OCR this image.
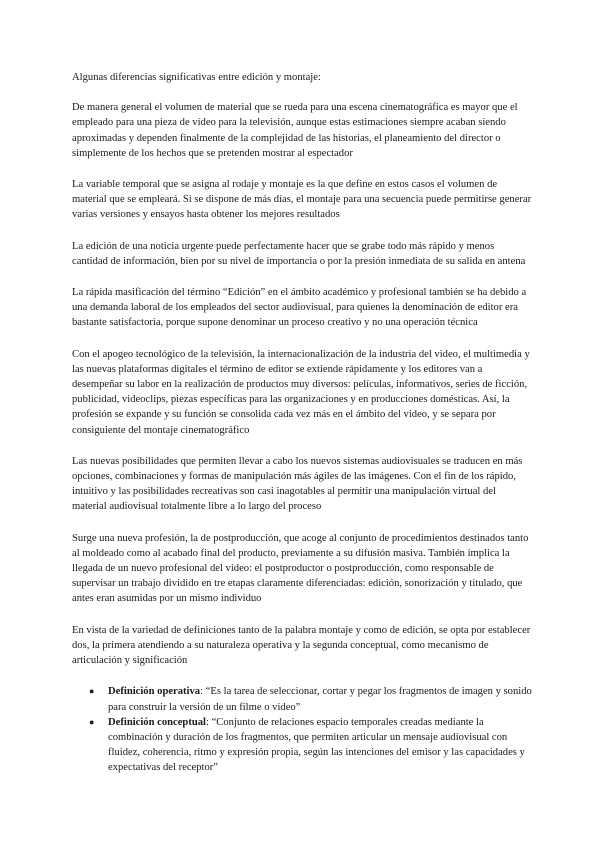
Algunas diferencias significativas entre edición y montaje:

De manera general el volumen de material que se rueda para una escena cinematográfica es mayor que el empleado para una pieza de vídeo para la televisión, aunque estas estimaciones siempre acaban siendo aproximadas y dependen finalmente de la complejidad de las historias, el planeamiento del director o simplemente de los hechos que se pretenden mostrar al espectador

La variable temporal que se asigna al rodaje y montaje es la que define en estos casos el volumen de material que se empleará. Si se dispone de más días, el montaje para una secuencia puede permitirse generar varias versiones y ensayos hasta obtener los mejores resultados

La edición de una noticia urgente puede perfectamente hacer que se grabe todo más rápido y menos cantidad de información, bien por su nivel de importancia o por la presión inmediata de su salida en antena

La rápida masificación del término “Edición” en el ámbito académico y profesional también se ha debido a una demanda laboral de los empleados del sector audiovisual, para quienes la denominación de editor era bastante satisfactoria, porque supone denominar un proceso creativo y no una operación técnica

Con el apogeo tecnológico de la televisión, la internacionalización de la industria del video, el multimedia y las nuevas plataformas digitales el término de editor se extiende rápidamente y los editores van a desempeñar su labor en la realización de productos muy diversos: películas, informativos, series de ficción, publicidad, videoclips, piezas específicas para las organizaciones y en producciones domésticas. Así, la profesión se expande y su función se consolida cada vez más en el ámbito del video, y se separa por consiguiente del montaje cinematográfico

Las nuevas posibilidades que permiten llevar a cabo los nuevos sistemas audiovisuales se traducen en más opciones, combinaciones y formas de manipulación más ágiles de las imágenes. Con el fin de los rápido, intuitivo y las posibilidades recreativas son casi inagotables al permitir una manipulación virtual del material audiovisual totalmente libre a lo largo del proceso

Surge una nueva profesión, la de postproducción, que acoge al conjunto de procedimientos destinados tanto al moldeado como al acabado final del producto, previamente a su difusión masiva. También implica la llegada de un nuevo profesional del video: el postproductor o postproducción, como responsable de supervisar un trabajo dividido en tre etapas claramente diferenciadas: edición, sonorización y titulado, que antes eran asumidas por un mismo individuo

En vista de la variedad de definiciones tanto de la palabra montaje y como de edición, se opta por establecer dos, la primera atendiendo a su naturaleza operativa y la segunda conceptual, como mecanismo de articulación y significación

● Definición operativa: “Es la tarea de seleccionar, cortar y pegar los fragmentos de imagen y sonido para construir la versión de un filme o video”
● Definición conceptual: “Conjunto de relaciones espacio temporales creadas mediante la combinación y duración de los fragmentos, que permiten articular un mensaje audiovisual con fluidez, coherencia, ritmo y expresión propia, según las intenciones del emisor y las capacidades y expectativas del receptor”
